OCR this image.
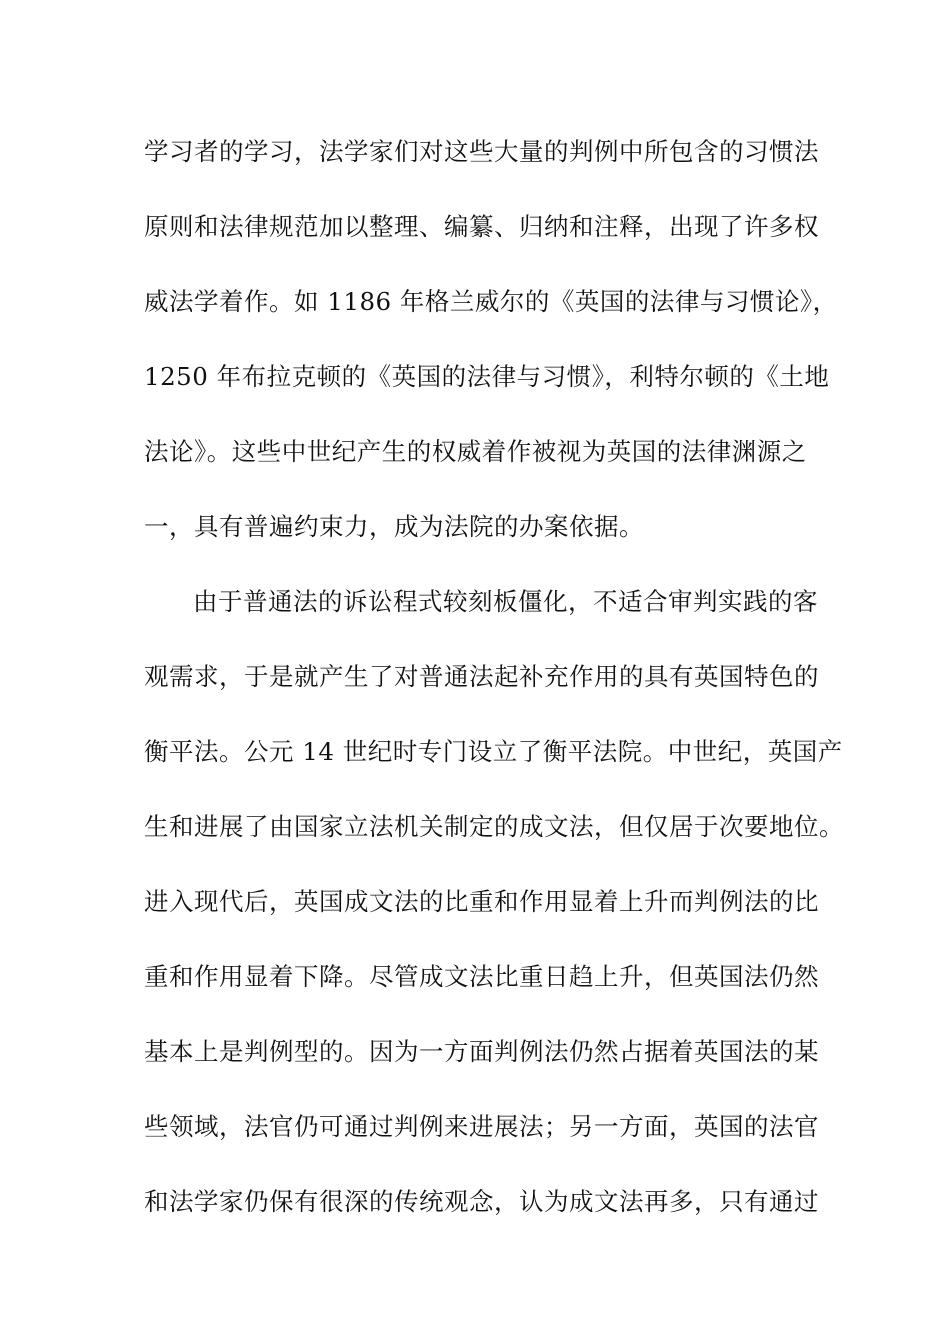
学习者的学习，法学家们对这些大量的判例中所包含的习惯法
原则和法律规范加以整理、编纂、归纳和注释，出现了许多权
威法学着作。如 1186 年格兰威尔的《英国的法律与习惯论》，
1250 年布拉克顿的《英国的法律与习惯》，利特尔顿的《土地
法论》。这些中世纪产生的权威着作被视为英国的法律渊源之
一，具有普遍约束力，成为法院的办案依据。
由于普通法的诉讼程式较刻板僵化，不适合审判实践的客
观需求，于是就产生了对普通法起补充作用的具有英国特色的
衡平法。公元 14 世纪时专门设立了衡平法院。中世纪，英国产
生和进展了由国家立法机关制定的成文法，但仅居于次要地位。
进入现代后，英国成文法的比重和作用显着上升而判例法的比
重和作用显着下降。尽管成文法比重日趋上升，但英国法仍然
基本上是判例型的。因为一方面判例法仍然占据着英国法的某
些领域，法官仍可通过判例来进展法；另一方面，英国的法官
和法学家仍保有很深的传统观念，认为成文法再多，只有通过
